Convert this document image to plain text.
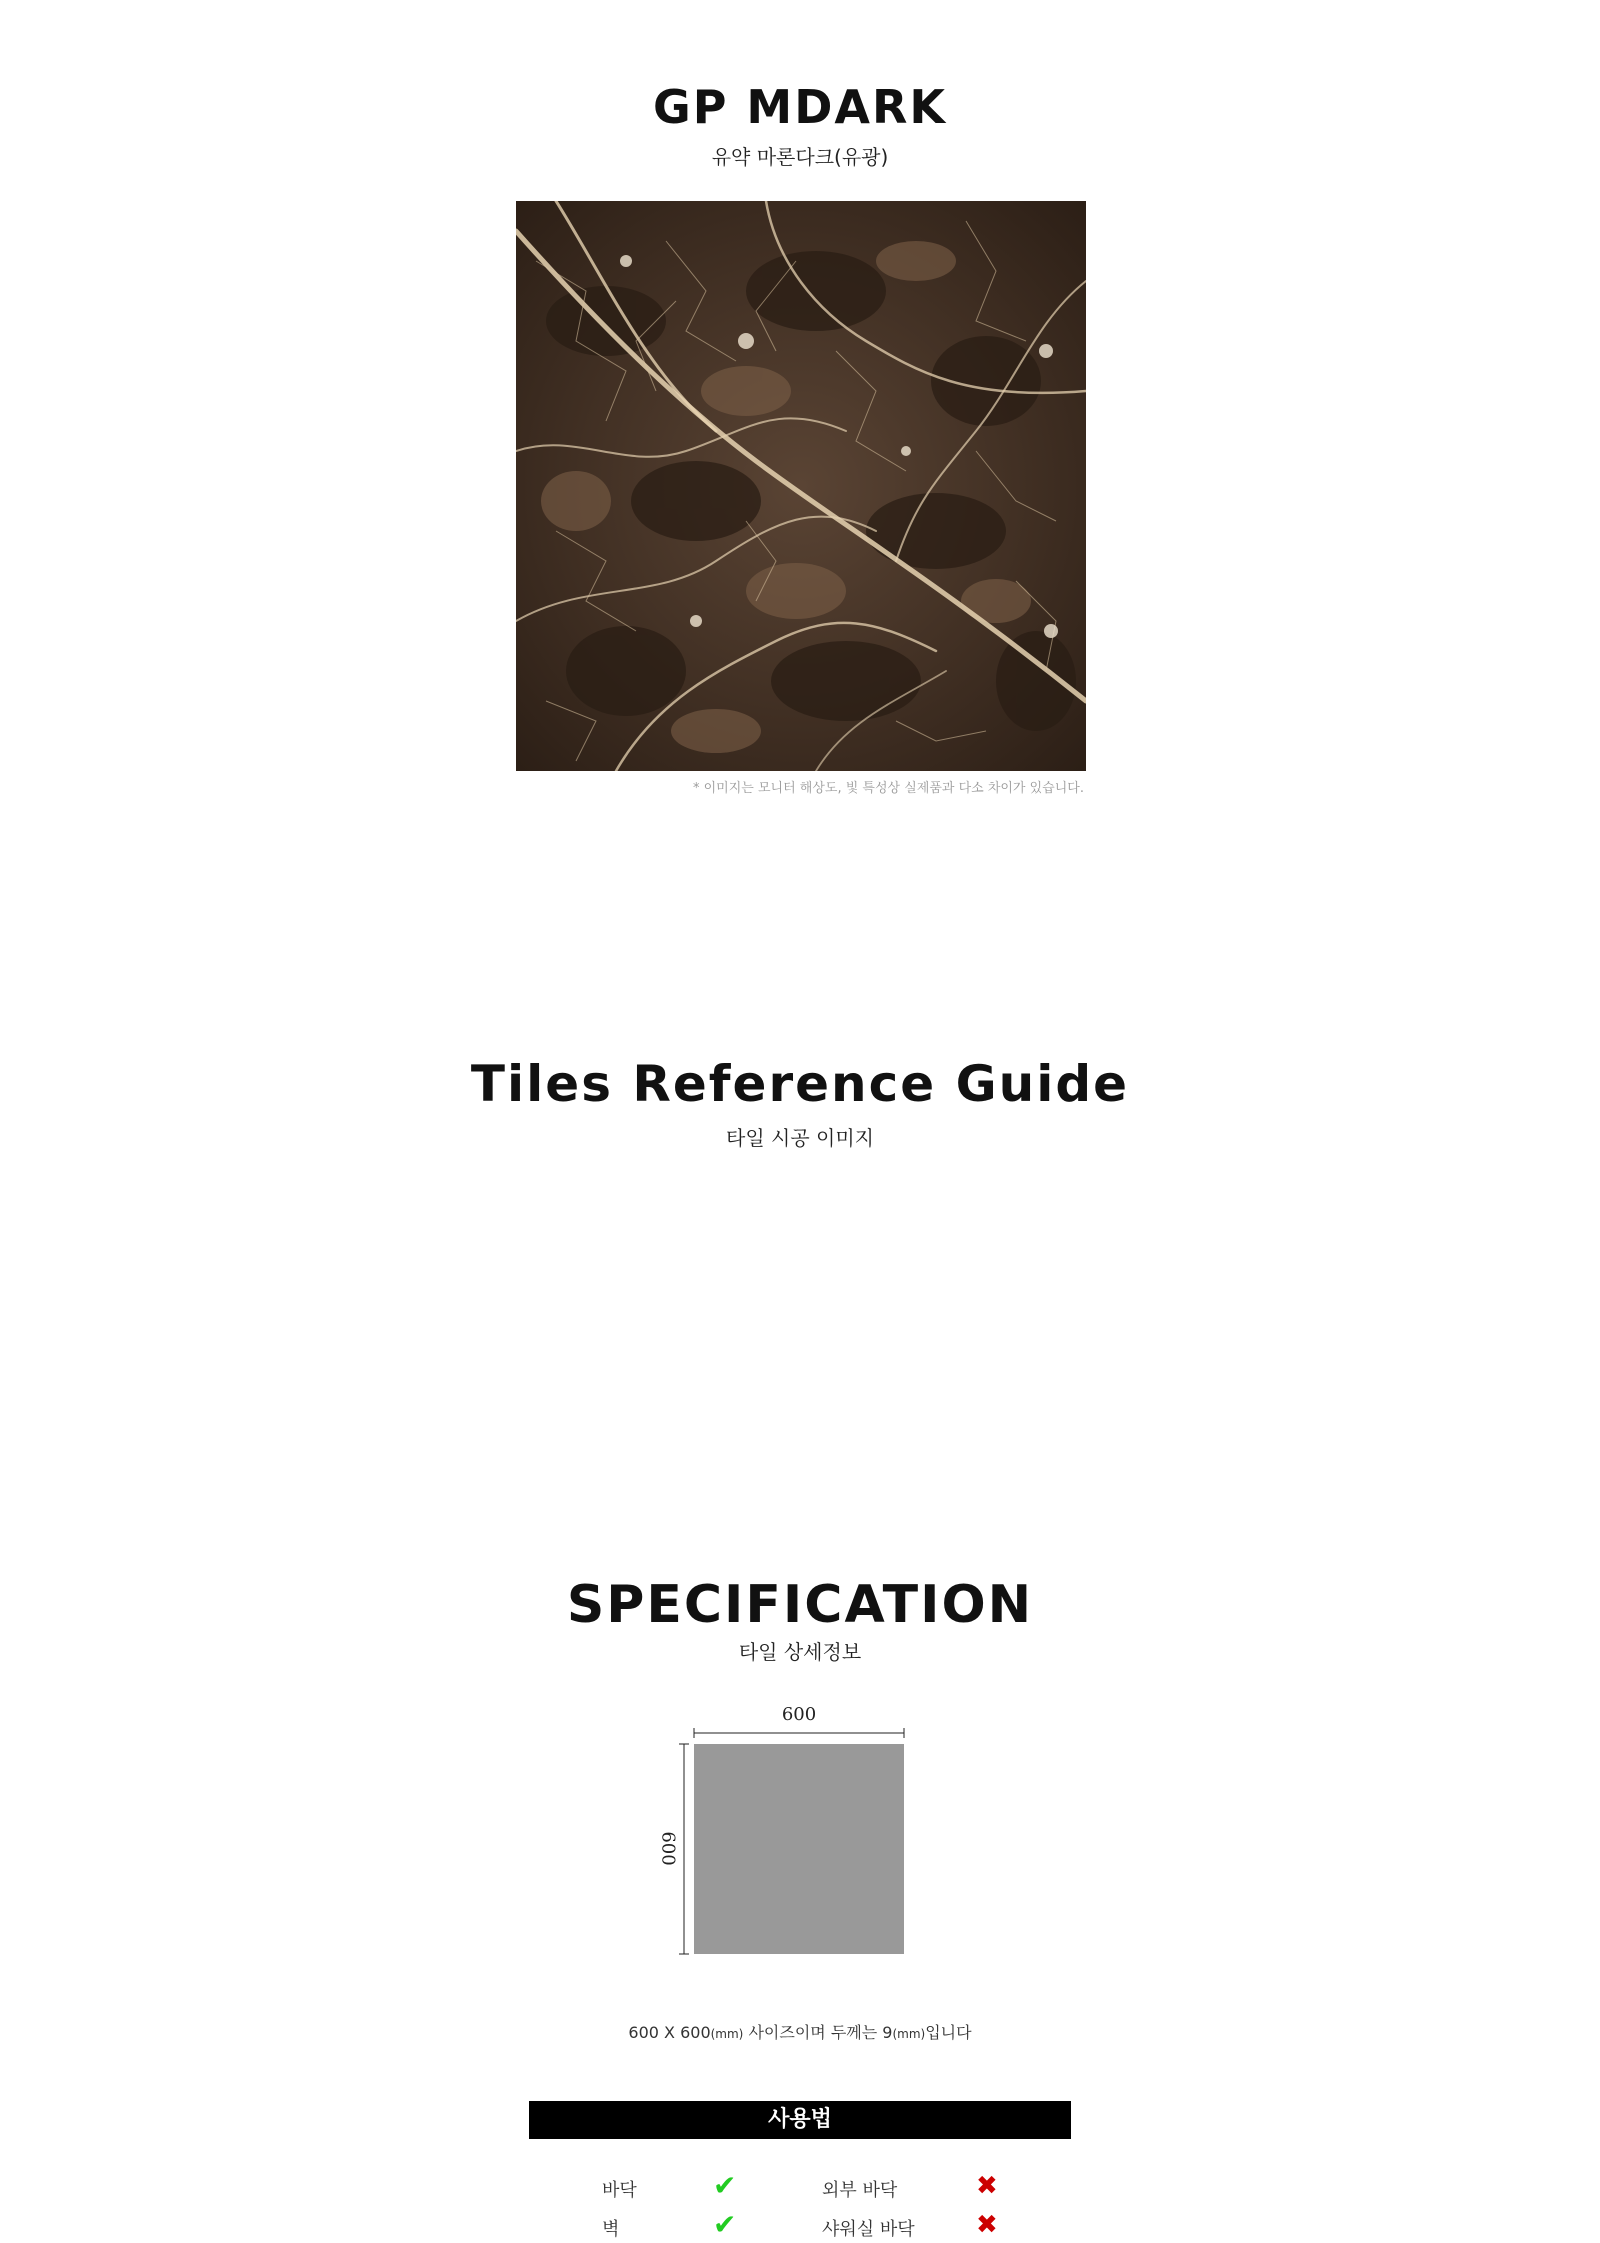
GP MDARK
유약 마론다크(유광)
* 이미지는 모니터 해상도, 빛 특성상 실제품과 다소 차이가 있습니다.
Tiles Reference Guide
타일 시공 이미지
SPECIFICATION
타일 상세정보
600
600
600 X 600(mm) 사이즈이며 두께는 9(mm)입니다
사용법
바닥	✔	외부 바닥	✖
벽	✔	샤워실 바닥 ✖
